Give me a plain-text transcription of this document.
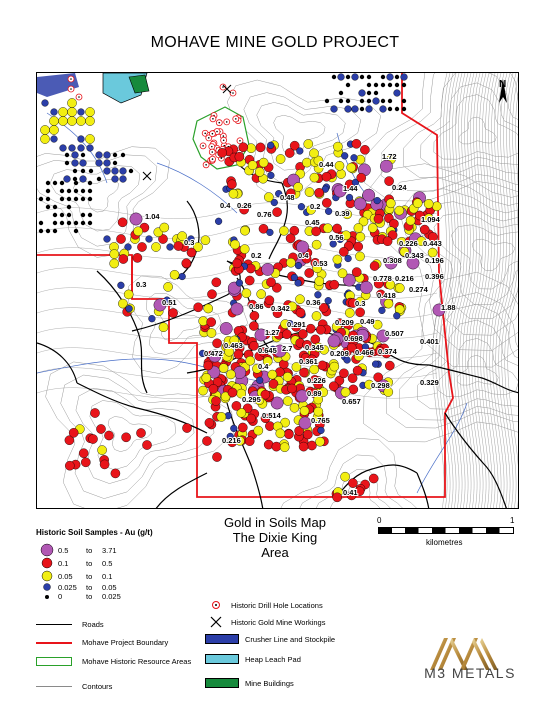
MOHAVE MINE GOLD PROJECT
1.72
0.44
1.44	0.24
1.04
0.4 0.26
0.48
0.76
0.2
0.39
1.094
0.45
0.56
0.226 0.443
0.3
0.4
0.53	0.308
0.343
0.2
0.196
0.396
0.778 0.216
0.3
0.274
0.418
0.51	0.86 0.342
0.36	0.3	1.88
0.209 0.49
0.291
1.27	0.507
0.698
0.463	0.401
0.472	0.645 2.7 0.345
0.209 0.466 0.374
0.4
0.361
0.226
0.298	0.329
0.89
0.295	0.657
0.514
0.765
0.216
0.41
N
Gold in Soils Map
The Dixie King
Area
0	1
kilometres
Historic Soil Samples - Au (g/t)
0.5	to	3.71
0.1	to	0.5
0.05	to	0.1
0.025	to	0.05
0	to	0.025
Roads
Mohave Project Boundary
Mohave Historic Resource Areas
Contours
Historic Drill Hole Locations
Historic Gold Mine Workings
Crusher Line and Stockpile
Heap Leach Pad
Mine Buildings
M3 METALS
